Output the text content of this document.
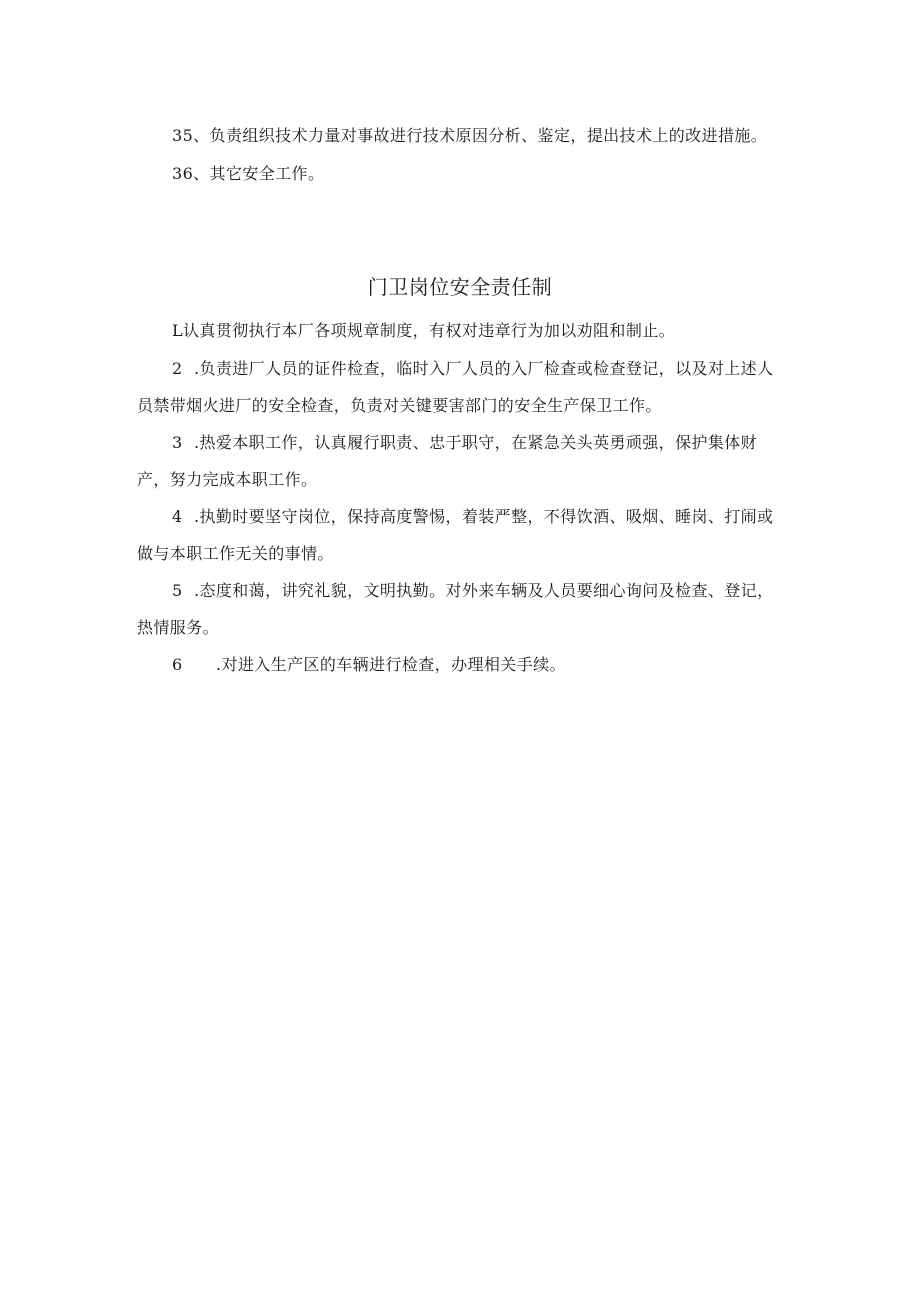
35、负责组织技术力量对事故进行技术原因分析、鉴定，提出技术上的改进措施。
36、其它安全工作。
门卫岗位安全责任制
L认真贯彻执行本厂各项规章制度，有权对违章行为加以劝阻和制止。
2 .负责进厂人员的证件检查，临时入厂人员的入厂检查或检查登记，以及对上述人
员禁带烟火进厂的安全检查，负责对关键要害部门的安全生产保卫工作。
3 .热爱本职工作，认真履行职责、忠于职守，在紧急关头英勇顽强，保护集体财
产，努力完成本职工作。
4 .执勤时要坚守岗位，保持高度警惕，着装严整，不得饮酒、吸烟、睡岗、打闹或
做与本职工作无关的事情。
5 .态度和蔼，讲究礼貌，文明执勤。对外来车辆及人员要细心询问及检查、登记，
热情服务。
6 .对进入生产区的车辆进行检查，办理相关手续。
